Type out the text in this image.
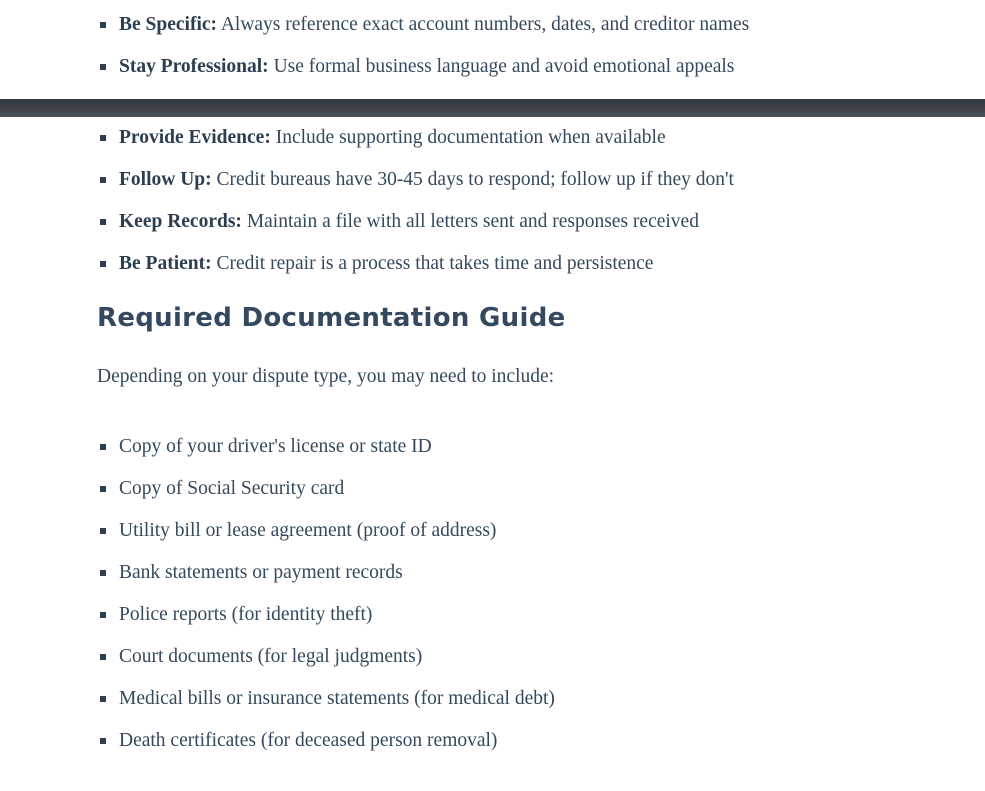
Be Specific: Always reference exact account numbers, dates, and creditor names
Stay Professional: Use formal business language and avoid emotional appeals
Provide Evidence: Include supporting documentation when available
Follow Up: Credit bureaus have 30-45 days to respond; follow up if they don't
Keep Records: Maintain a file with all letters sent and responses received
Be Patient: Credit repair is a process that takes time and persistence
Required Documentation Guide

Depending on your dispute type, you may need to include:

Copy of your driver's license or state ID
Copy of Social Security card
Utility bill or lease agreement (proof of address)
Bank statements or payment records
Police reports (for identity theft)
Court documents (for legal judgments)
Medical bills or insurance statements (for medical debt)
Death certificates (for deceased person removal)
